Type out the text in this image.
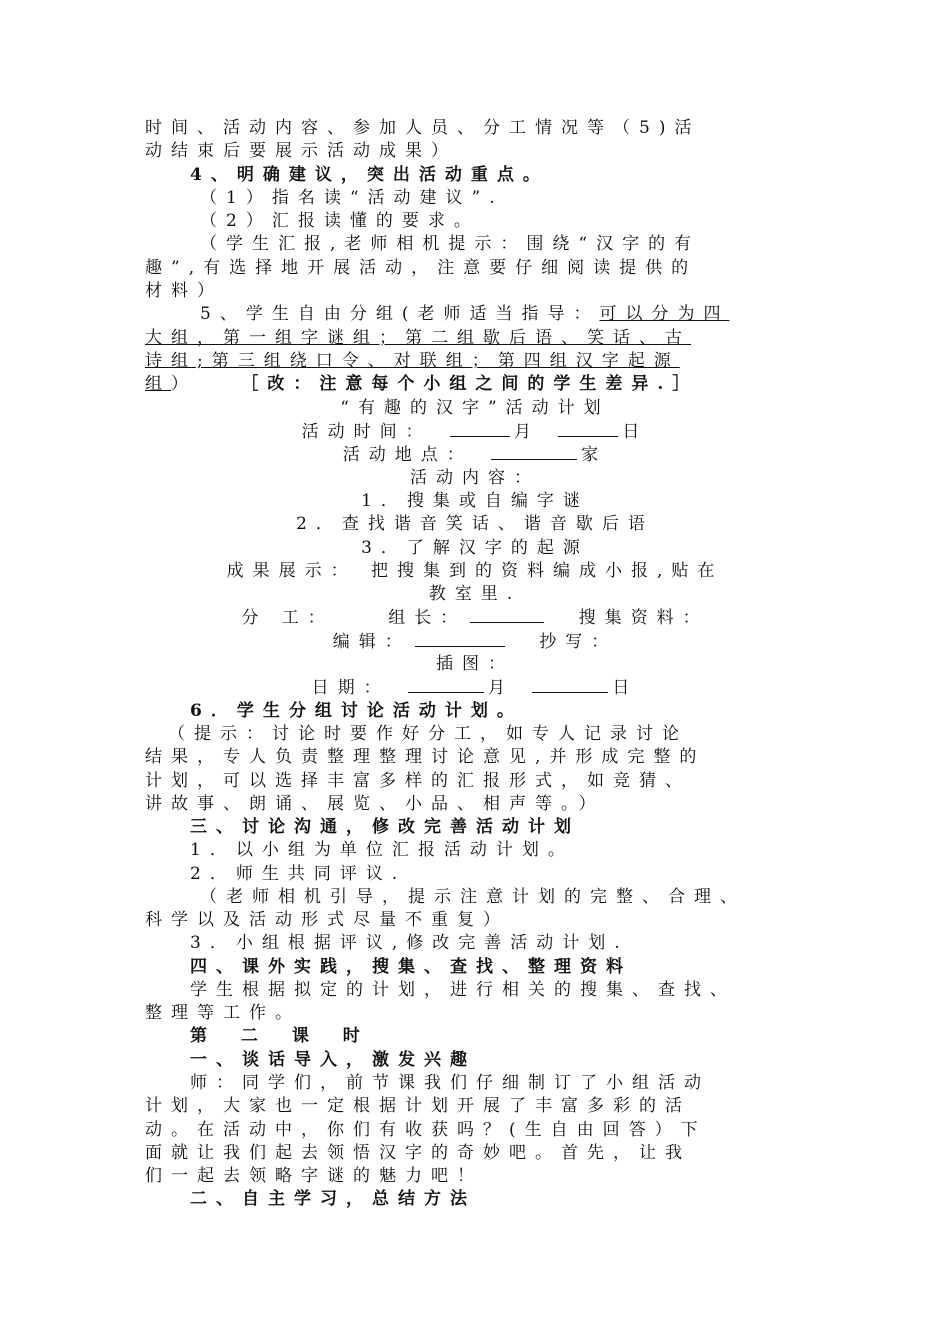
时间、活动内容、参加人员、分工情况等（5)活
动结束后要展示活动成果）
4、明确建议，突出活动重点。
（1）指名读“活动建议”.
（2）汇报读懂的要求。
（学生汇报,老师相机提示：围绕“汉字的有
趣”,有选择地开展活动，注意要仔细阅读提供的
材料）
5、学生自由分组(老师适当指导：可以分为四
大组，第一组字谜组；第二组歇后语、笑话、古
诗组;第三组绕口令、对联组；第四组汉字起源
组）	［改：注意每个小组之间的学生差异.］
“有趣的汉字”活动计划
活动时间：	月	日
活动地点：	家
活动内容：
1．搜集或自编字谜
2．查找谐音笑话、谐音歇后语
3．了解汉字的起源
成果展示： 把搜集到的资料编成小报,贴在
教室里.
分 工：	组长：	搜集资料：
编辑：	抄写：
插图：
日期：	月	日
6．学生分组讨论活动计划。
（提示：讨论时要作好分工，如专人记录讨论
结果，专人负责整理整理讨论意见,并形成完整的
计划，可以选择丰富多样的汇报形式，如竞猜、
讲故事、朗诵、展览、小品、相声等。）
三、讨论沟通，修改完善活动计划
1．以小组为单位汇报活动计划。
2．师生共同评议.
（老师相机引导，提示注意计划的完整、合理、
科学以及活动形式尽量不重复）
3．小组根据评议,修改完善活动计划.
四、课外实践，搜集、查找、整理资料
学生根据拟定的计划，进行相关的搜集、查找、
整理等工作。
第 二 课 时
一、谈话导入，激发兴趣
师：同学们，前节课我们仔细制订了小组活动
计划，大家也一定根据计划开展了丰富多彩的活
动。在活动中，你们有收获吗？(生自由回答）下
面就让我们起去领悟汉字的奇妙吧。首先，让我
们一起去领略字谜的魅力吧！
二、自主学习，总结方法
